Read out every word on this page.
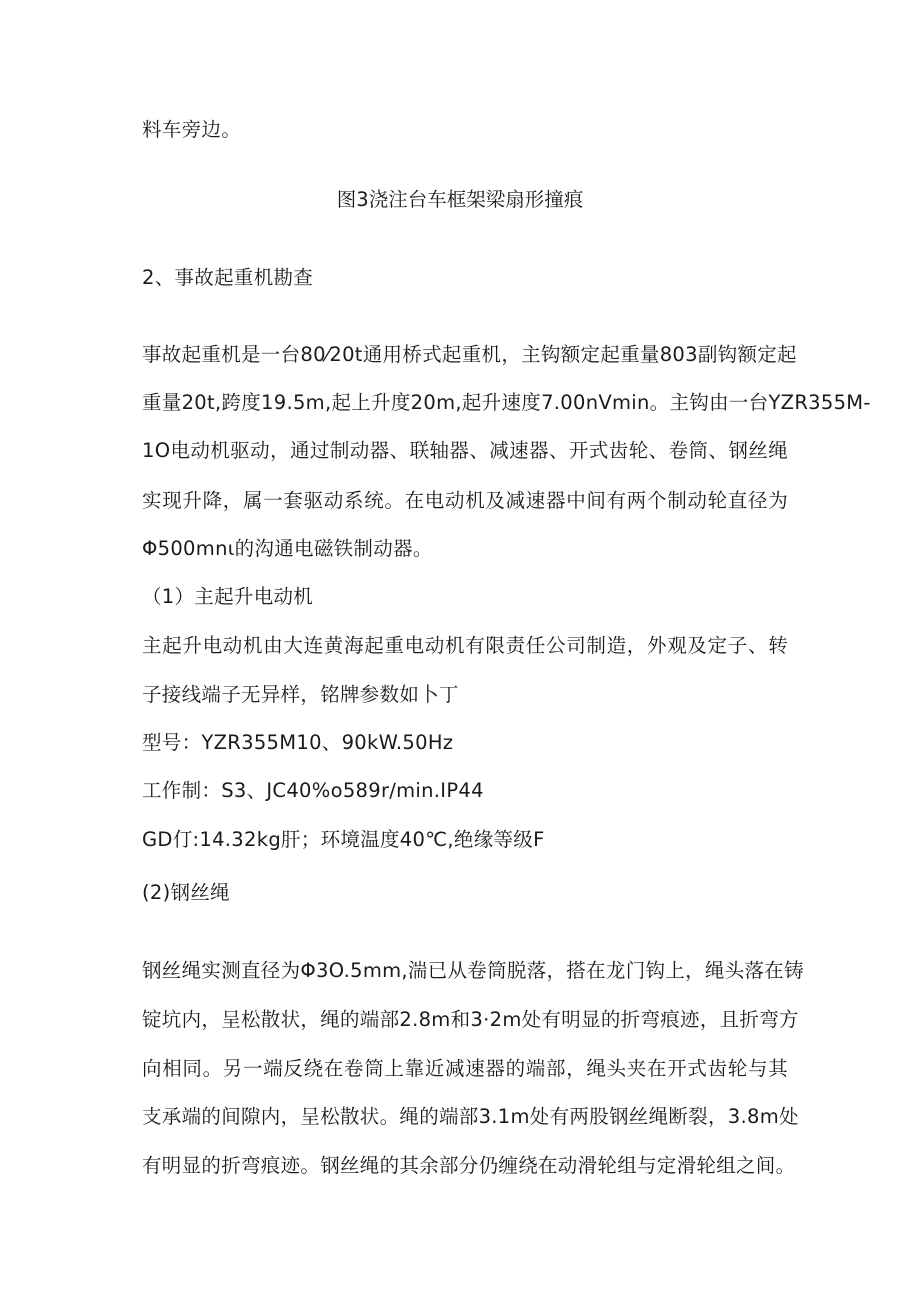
料车旁边。
图3浇注台车框架梁扇形撞痕
2、事故起重机勘查
事故起重机是一台80⁄20t通用桥式起重机，主钩额定起重量803副钩额定起
重量20t,跨度19.5m,起上升度20m,起升速度7.00nVmin。主钩由一台YZR355M-
1O电动机驱动，通过制动器、联轴器、减速器、开式齿轮、卷筒、钢丝绳
实现升降，属一套驱动系统。在电动机及减速器中间有两个制动轮直径为
Φ500mnι的沟通电磁铁制动器。
（1）主起升电动机
主起升电动机由大连黄海起重电动机有限责任公司制造，外观及定子、转
子接线端子无异样，铭牌参数如卜丁
型号：YZR355M10、90kW.50Hz
工作制：S3、JC40%o589r∕min.IP44
GD仃:14.32kg肝；环境温度40℃,绝缘等级F
(2)钢丝绳
钢丝绳实测直径为Φ3O.5mm,湍已从卷筒脱落，搭在龙门钩上，绳头落在铸
锭坑内，呈松散状，绳的端部2.8m和3·2m处有明显的折弯痕迹，且折弯方
向相同。另一端反绕在卷筒上靠近减速器的端部，绳头夹在开式齿轮与其
支承端的间隙内，呈松散状。绳的端部3.1m处有两股钢丝绳断裂，3.8m处
有明显的折弯痕迹。钢丝绳的其余部分仍缠绕在动滑轮组与定滑轮组之间。
